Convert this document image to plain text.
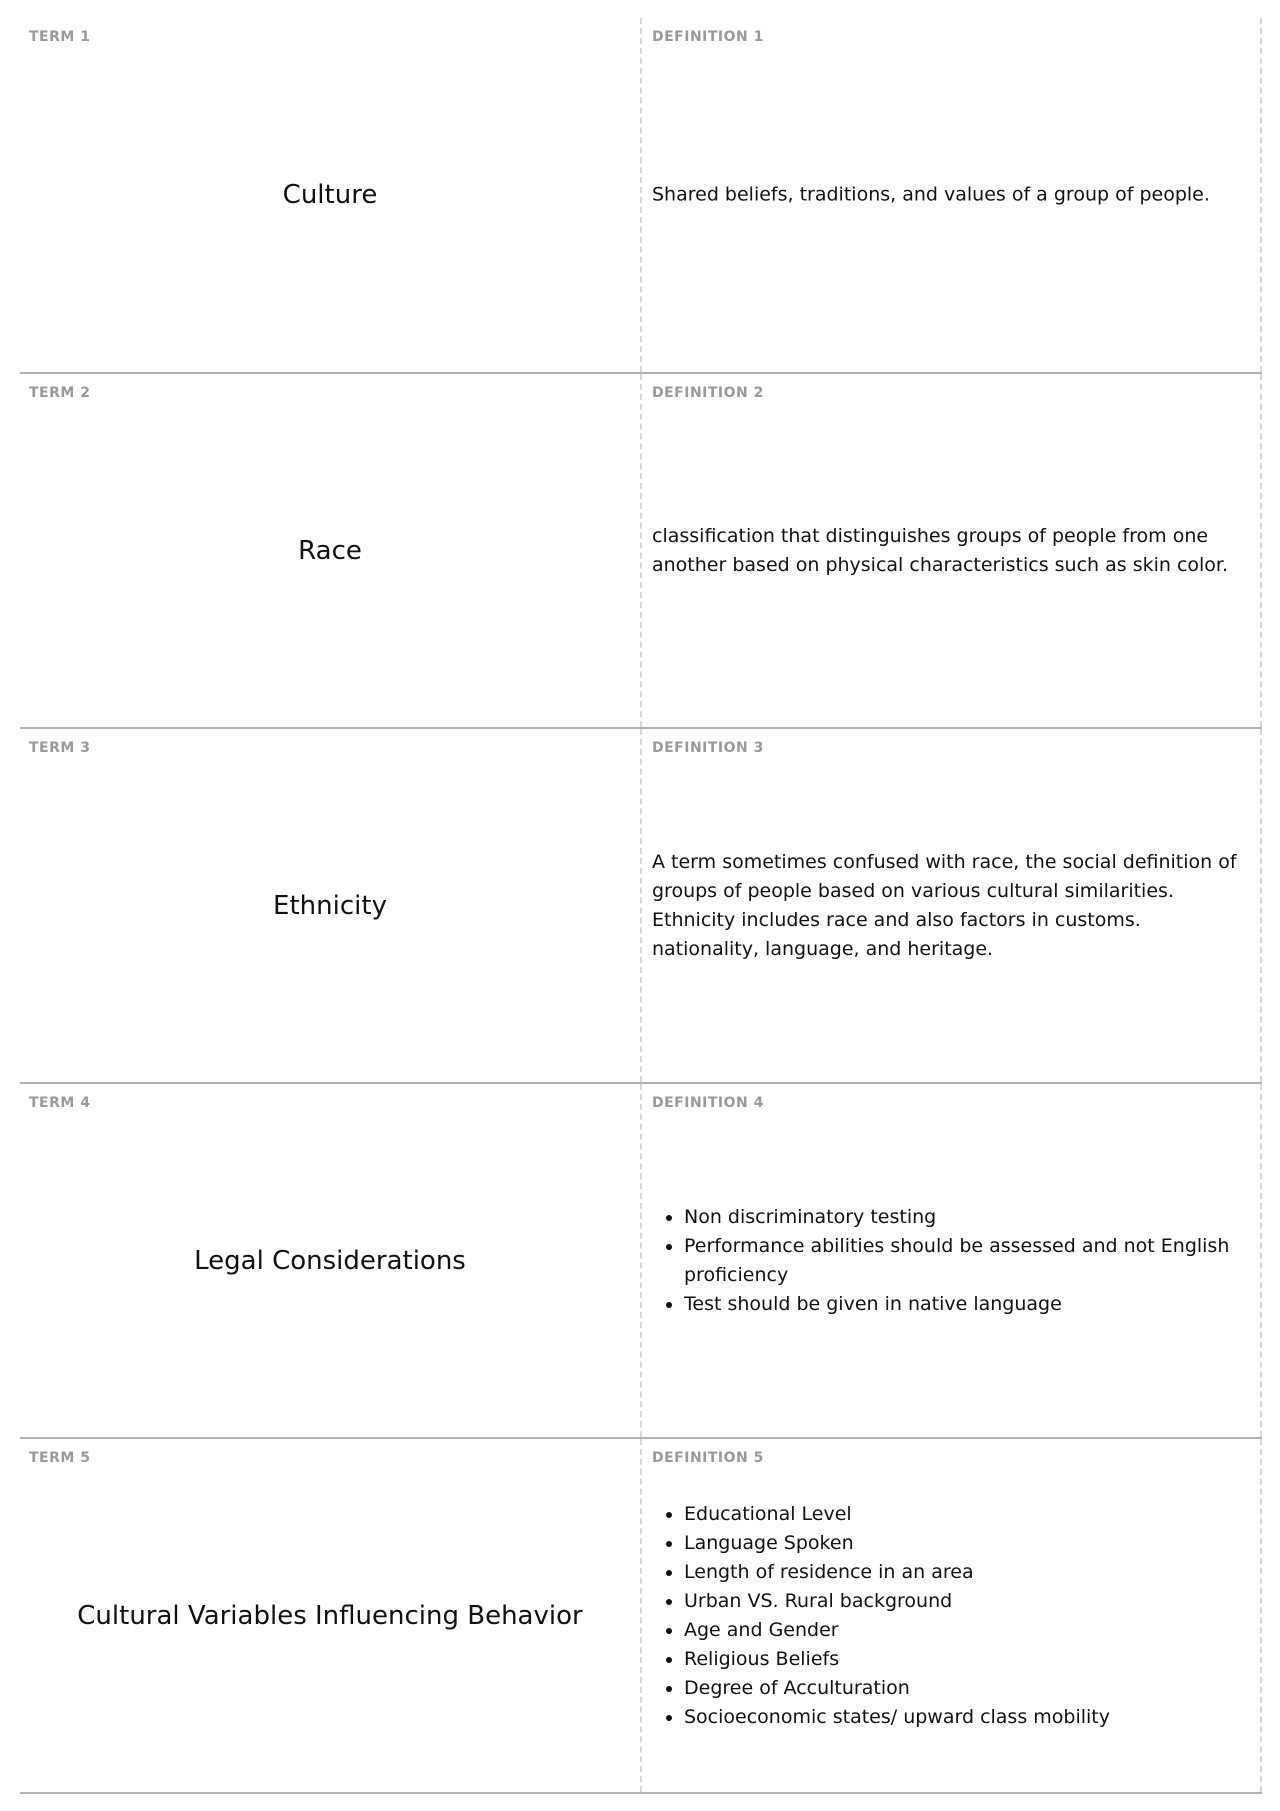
TERM 1
Culture
DEFINITION 1
Shared beliefs, traditions, and values of a group of people.
TERM 2
Race
DEFINITION 2
classification that distinguishes groups of people from one another based on physical characteristics such as skin color.
TERM 3
Ethnicity
DEFINITION 3
A term sometimes confused with race, the social definition of groups of people based on various cultural similarities. Ethnicity includes race and also factors in customs. nationality, language, and heritage.
TERM 4
Legal Considerations
DEFINITION 4
• Non discriminatory testing
• Performance abilities should be assessed and not English proficiency
• Test should be given in native language
TERM 5
Cultural Variables Influencing Behavior
DEFINITION 5
• Educational Level
• Language Spoken
• Length of residence in an area
• Urban VS. Rural background
• Age and Gender
• Religious Beliefs
• Degree of Acculturation
• Socioeconomic states/ upward class mobility
